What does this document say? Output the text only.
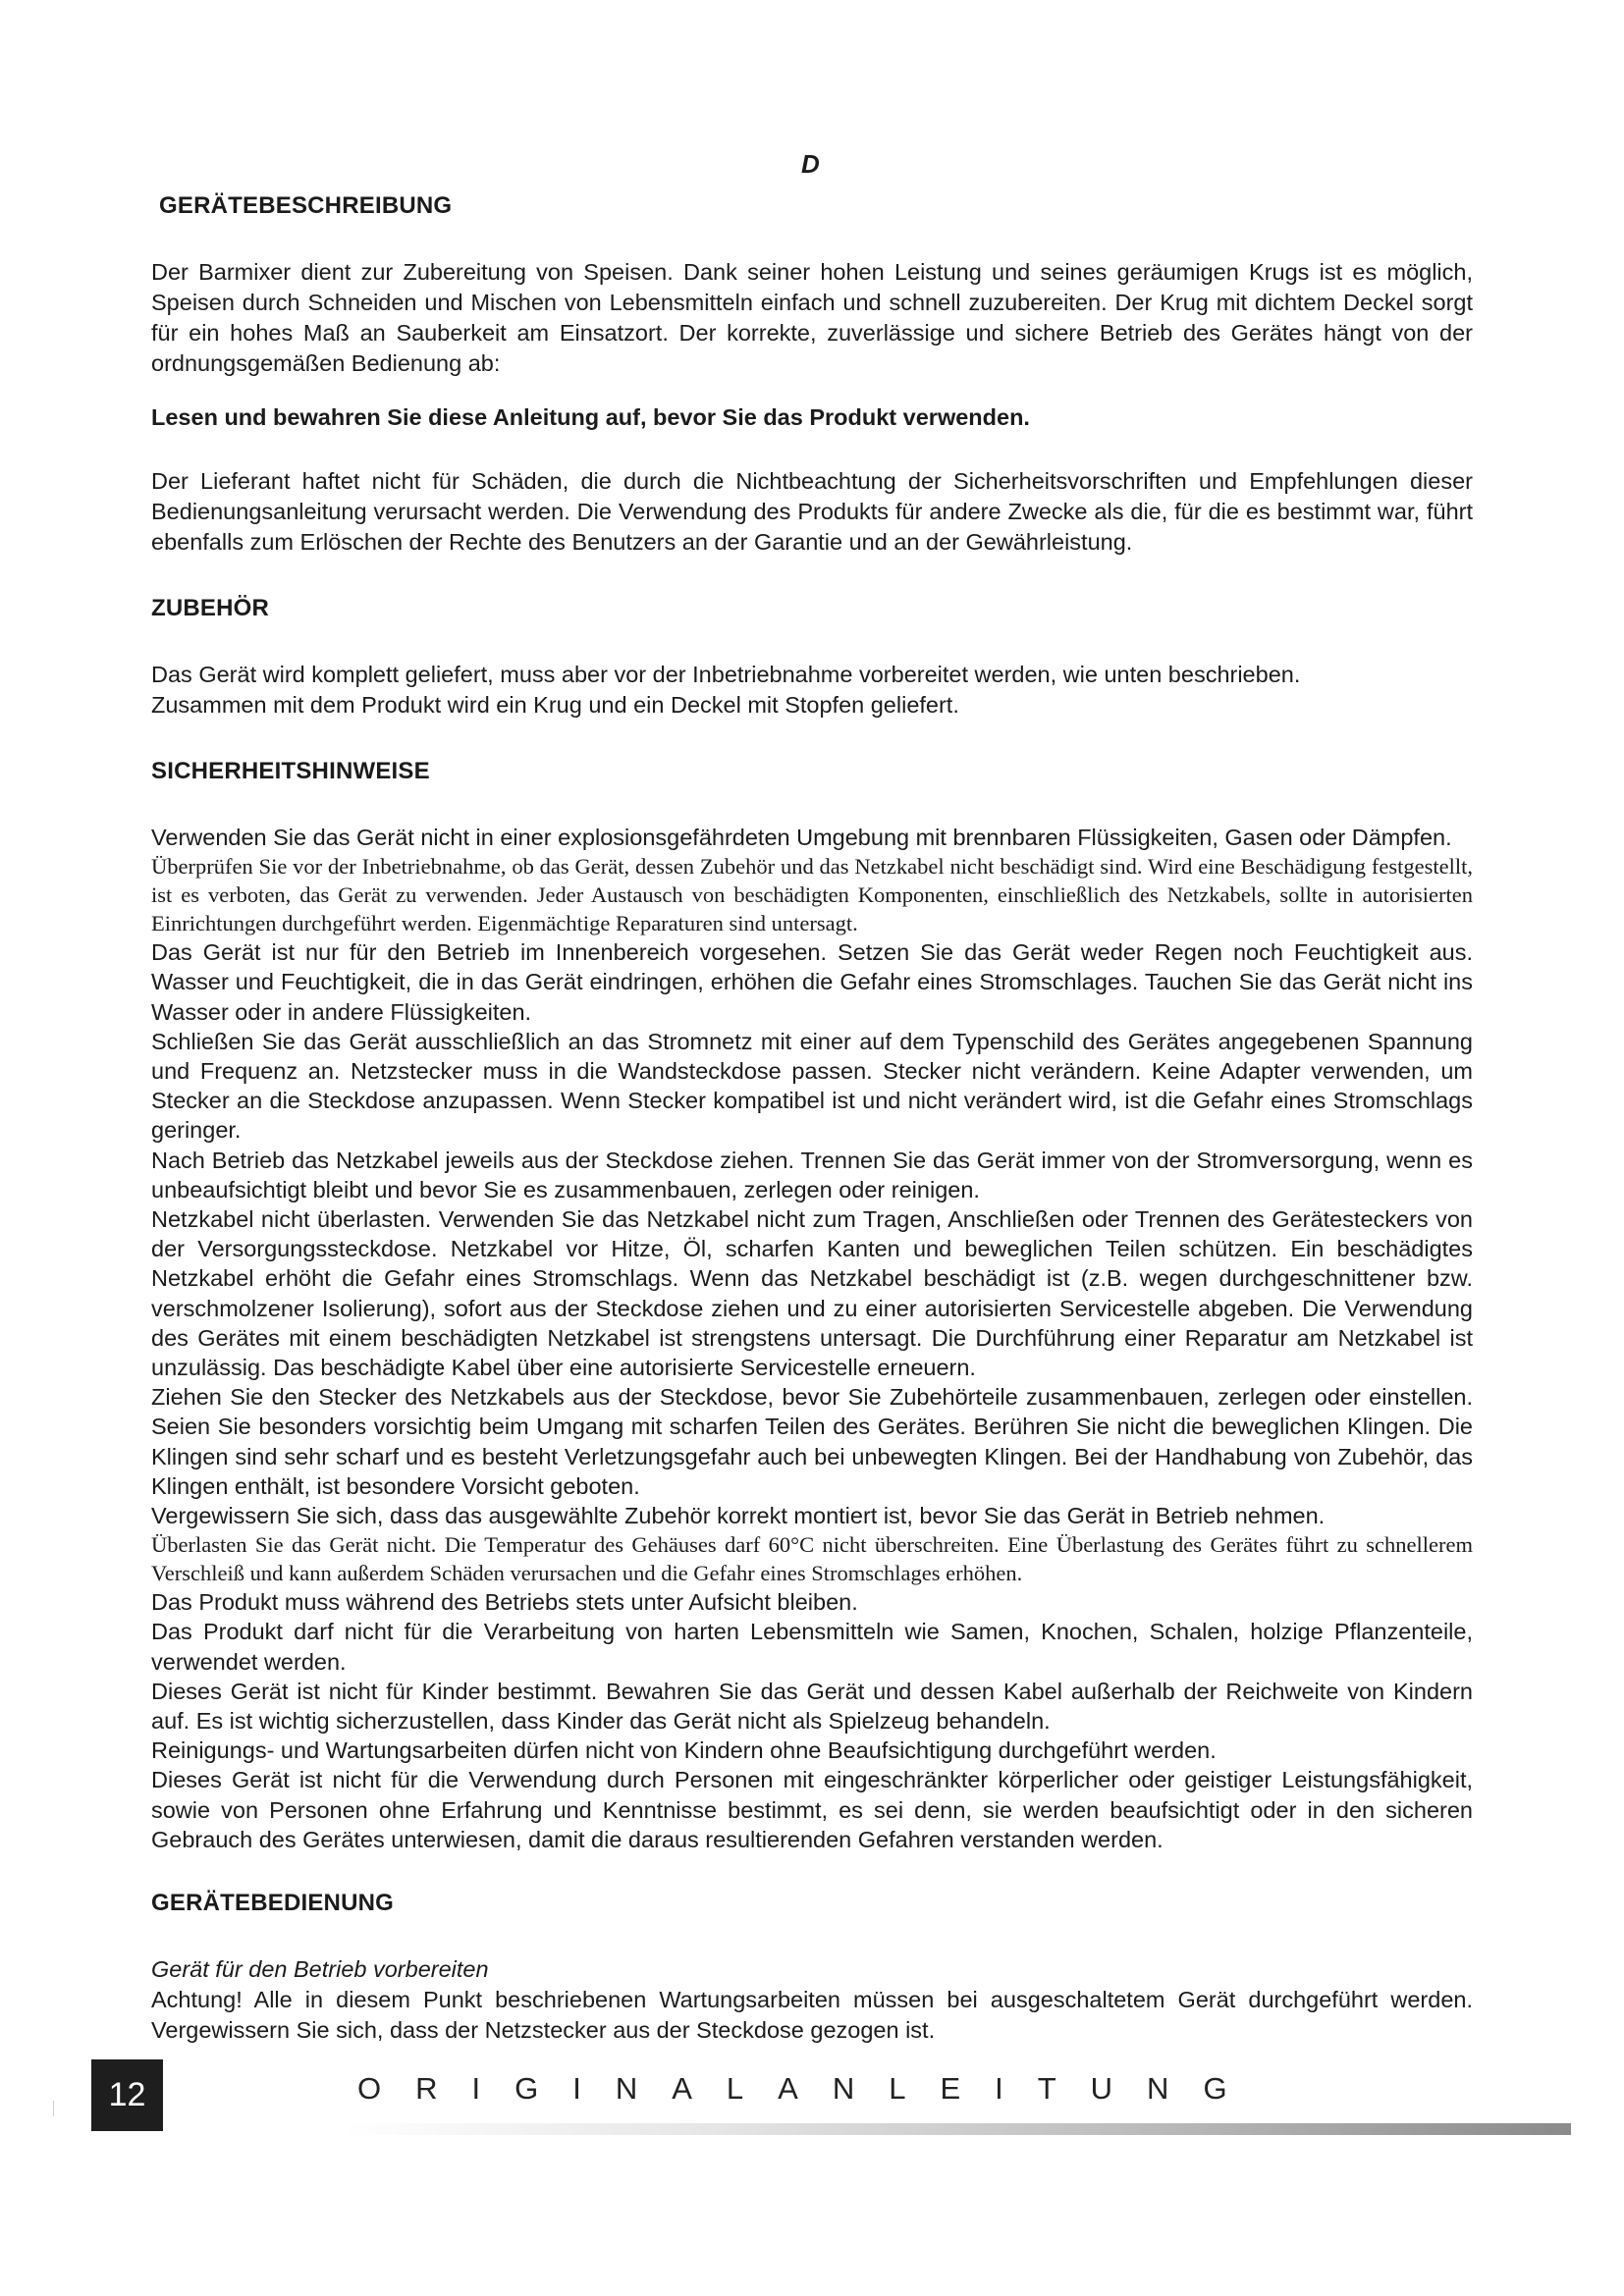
D
GERÄTEBESCHREIBUNG

Der Barmixer dient zur Zubereitung von Speisen. Dank seiner hohen Leistung und seines geräumigen Krugs ist es möglich, Speisen durch Schneiden und Mischen von Lebensmitteln einfach und schnell zuzubereiten. Der Krug mit dichtem Deckel sorgt für ein hohes Maß an Sauberkeit am Einsatzort. Der korrekte, zuverlässige und sichere Betrieb des Gerätes hängt von der ordnungsgemäßen Bedienung ab:

Lesen und bewahren Sie diese Anleitung auf, bevor Sie das Produkt verwenden.

Der Lieferant haftet nicht für Schäden, die durch die Nichtbeachtung der Sicherheitsvorschriften und Empfehlungen dieser Bedienungsanleitung verursacht werden. Die Verwendung des Produkts für andere Zwecke als die, für die es bestimmt war, führt ebenfalls zum Erlöschen der Rechte des Benutzers an der Garantie und an der Gewährleistung.

ZUBEHÖR

Das Gerät wird komplett geliefert, muss aber vor der Inbetriebnahme vorbereitet werden, wie unten beschrieben.

Zusammen mit dem Produkt wird ein Krug und ein Deckel mit Stopfen geliefert.

SICHERHEITSHINWEISE

Verwenden Sie das Gerät nicht in einer explosionsgefährdeten Umgebung mit brennbaren Flüssigkeiten, Gasen oder Dämpfen.

Überprüfen Sie vor der Inbetriebnahme, ob das Gerät, dessen Zubehör und das Netzkabel nicht beschädigt sind. Wird eine Beschädigung festgestellt, ist es verboten, das Gerät zu verwenden. Jeder Austausch von beschädigten Komponenten, einschließlich des Netzkabels, sollte in autorisierten Einrichtungen durchgeführt werden. Eigenmächtige Reparaturen sind untersagt.

Das Gerät ist nur für den Betrieb im Innenbereich vorgesehen. Setzen Sie das Gerät weder Regen noch Feuchtigkeit aus. Wasser und Feuchtigkeit, die in das Gerät eindringen, erhöhen die Gefahr eines Stromschlages. Tauchen Sie das Gerät nicht ins Wasser oder in andere Flüssigkeiten.

Schließen Sie das Gerät ausschließlich an das Stromnetz mit einer auf dem Typenschild des Gerätes angegebenen Spannung und Frequenz an. Netzstecker muss in die Wandsteckdose passen. Stecker nicht verändern. Keine Adapter verwenden, um Stecker an die Steckdose anzupassen. Wenn Stecker kompatibel ist und nicht verändert wird, ist die Gefahr eines Stromschlags geringer.

Nach Betrieb das Netzkabel jeweils aus der Steckdose ziehen. Trennen Sie das Gerät immer von der Stromversorgung, wenn es unbeaufsichtigt bleibt und bevor Sie es zusammenbauen, zerlegen oder reinigen.

Netzkabel nicht überlasten. Verwenden Sie das Netzkabel nicht zum Tragen, Anschließen oder Trennen des Gerätesteckers von der Versorgungssteckdose. Netzkabel vor Hitze, Öl, scharfen Kanten und beweglichen Teilen schützen. Ein beschädigtes Netzkabel erhöht die Gefahr eines Stromschlags. Wenn das Netzkabel beschädigt ist (z.B. wegen durchgeschnittener bzw. verschmolzener Isolierung), sofort aus der Steckdose ziehen und zu einer autorisierten Servicestelle abgeben. Die Verwendung des Gerätes mit einem beschädigten Netzkabel ist strengstens untersagt. Die Durchführung einer Reparatur am Netzkabel ist unzulässig. Das beschädigte Kabel über eine autorisierte Servicestelle erneuern.

Ziehen Sie den Stecker des Netzkabels aus der Steckdose, bevor Sie Zubehörteile zusammenbauen, zerlegen oder einstellen. Seien Sie besonders vorsichtig beim Umgang mit scharfen Teilen des Gerätes. Berühren Sie nicht die beweglichen Klingen. Die Klingen sind sehr scharf und es besteht Verletzungsgefahr auch bei unbewegten Klingen. Bei der Handhabung von Zubehör, das Klingen enthält, ist besondere Vorsicht geboten.

Vergewissern Sie sich, dass das ausgewählte Zubehör korrekt montiert ist, bevor Sie das Gerät in Betrieb nehmen.

Überlasten Sie das Gerät nicht. Die Temperatur des Gehäuses darf 60°C nicht überschreiten. Eine Überlastung des Gerätes führt zu schnellerem Verschleiß und kann außerdem Schäden verursachen und die Gefahr eines Stromschlages erhöhen.

Das Produkt muss während des Betriebs stets unter Aufsicht bleiben.

Das Produkt darf nicht für die Verarbeitung von harten Lebensmitteln wie Samen, Knochen, Schalen, holzige Pflanzenteile, verwendet werden.

Dieses Gerät ist nicht für Kinder bestimmt. Bewahren Sie das Gerät und dessen Kabel außerhalb der Reichweite von Kindern auf. Es ist wichtig sicherzustellen, dass Kinder das Gerät nicht als Spielzeug behandeln.

Reinigungs- und Wartungsarbeiten dürfen nicht von Kindern ohne Beaufsichtigung durchgeführt werden.

Dieses Gerät ist nicht für die Verwendung durch Personen mit eingeschränkter körperlicher oder geistiger Leistungsfähigkeit, sowie von Personen ohne Erfahrung und Kenntnisse bestimmt, es sei denn, sie werden beaufsichtigt oder in den sicheren Gebrauch des Gerätes unterwiesen, damit die daraus resultierenden Gefahren verstanden werden.

GERÄTEBEDIENUNG

Gerät für den Betrieb vorbereiten

Achtung! Alle in diesem Punkt beschriebenen Wartungsarbeiten müssen bei ausgeschaltetem Gerät durchgeführt werden. Vergewissern Sie sich, dass der Netzstecker aus der Steckdose gezogen ist.

12	ORIGINALANLEITUNG
